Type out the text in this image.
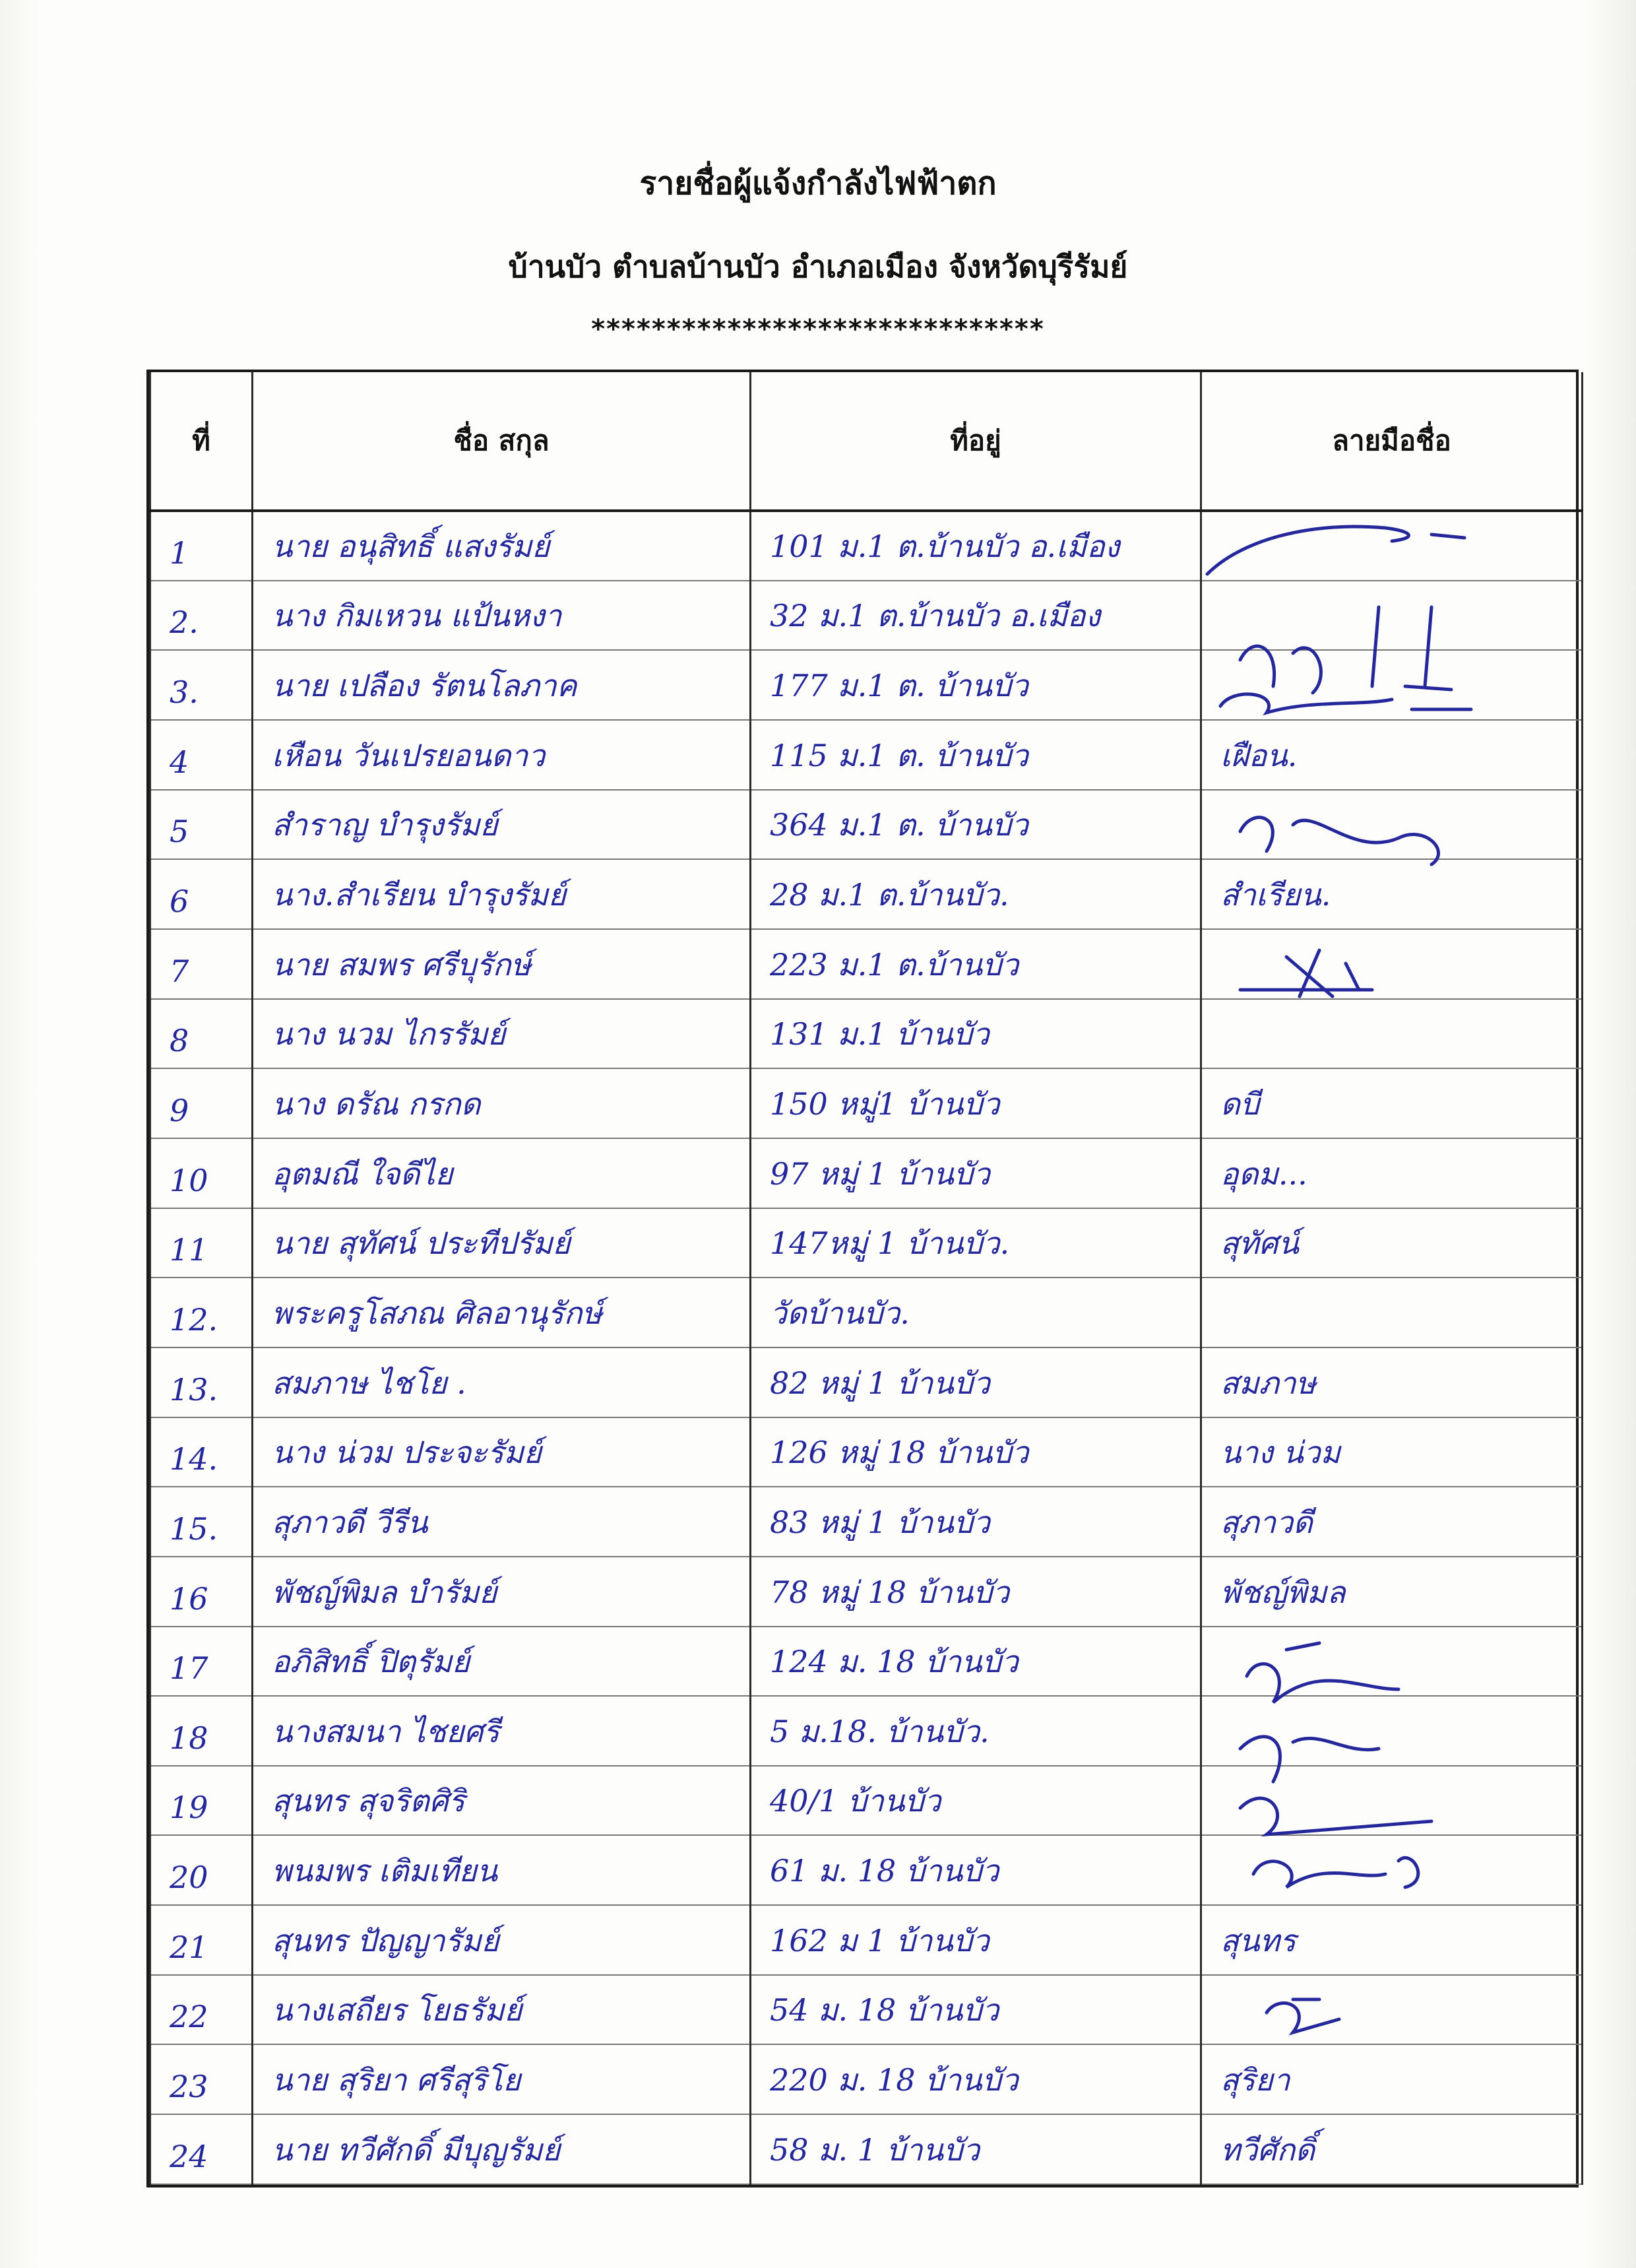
รายชื่อผู้แจ้งกำลังไฟฟ้าตก
บ้านบัว ตำบลบ้านบัว อำเภอเมือง จังหวัดบุรีรัมย์
******************************
ที่	ชื่อ สกุล	ที่อยู่	ลายมือชื่อ
1	นาย อนุสิทธิ์ แสงรัมย์	101 ม.1 ต.บ้านบัว อ.เมือง	
2.	นาง กิมเหวน แป้นหงา	32 ม.1 ต.บ้านบัว อ.เมือง	
3.	นาย เปลือง รัตนโลภาค	177 ม.1 ต. บ้านบัว	
4	เหือน วันเปรยอนดาว	115 ม.1 ต. บ้านบัว	เฝือน.
5	สำราญ บำรุงรัมย์	364 ม.1 ต. บ้านบัว	
6	นาง.สำเรียน บำรุงรัมย์	28 ม.1 ต.บ้านบัว.	สำเรียน.
7	นาย สมพร ศรีบุรักษ์	223 ม.1 ต.บ้านบัว	
8	นาง นวม ไกรรัมย์	131 ม.1 บ้านบัว	
9	นาง ดรัณ กรกด	150 หมู่1 บ้านบัว	ดบี
10	อุตมณี ใจดีไย	97 หมู่ 1 บ้านบัว	อุดม...
11	นาย สุทัศน์ ประทีปรัมย์	147หมู่ 1 บ้านบัว.	สุทัศน์
12.	พระครูโสภณ ศิลอานุรักษ์	วัดบ้านบัว.	
13.	สมภาษ ไชโย .	82 หมู่ 1 บ้านบัว	สมภาษ
14.	นาง น่วม ประจะรัมย์	126 หมู่ 18 บ้านบัว	นาง น่วม
15.	สุภาวดี วีรีน	83 หมู่ 1 บ้านบัว	สุภาวดี
16	พัชญ์พิมล บำรัมย์	78 หมู่ 18 บ้านบัว	พัชญ์พิมล
17	อภิสิทธิ์ ปิตุรัมย์	124 ม. 18 บ้านบัว	
18	นางสมนา ไชยศรี	5 ม.18. บ้านบัว.	
19	สุนทร สุจริตศิริ	40/1 บ้านบัว	
20	พนมพร เติมเทียน	61 ม. 18 บ้านบัว	
21	สุนทร ปัญญารัมย์	162 ม 1 บ้านบัว	สุนทร
22	นางเสถียร โยธรัมย์	54 ม. 18 บ้านบัว	
23	นาย สุริยา ศรีสุริโย	220 ม. 18 บ้านบัว	สุริยา
24	นาย ทวีศักดิ์ มีบุญรัมย์	58 ม. 1 บ้านบัว	ทวีศักดิ์
